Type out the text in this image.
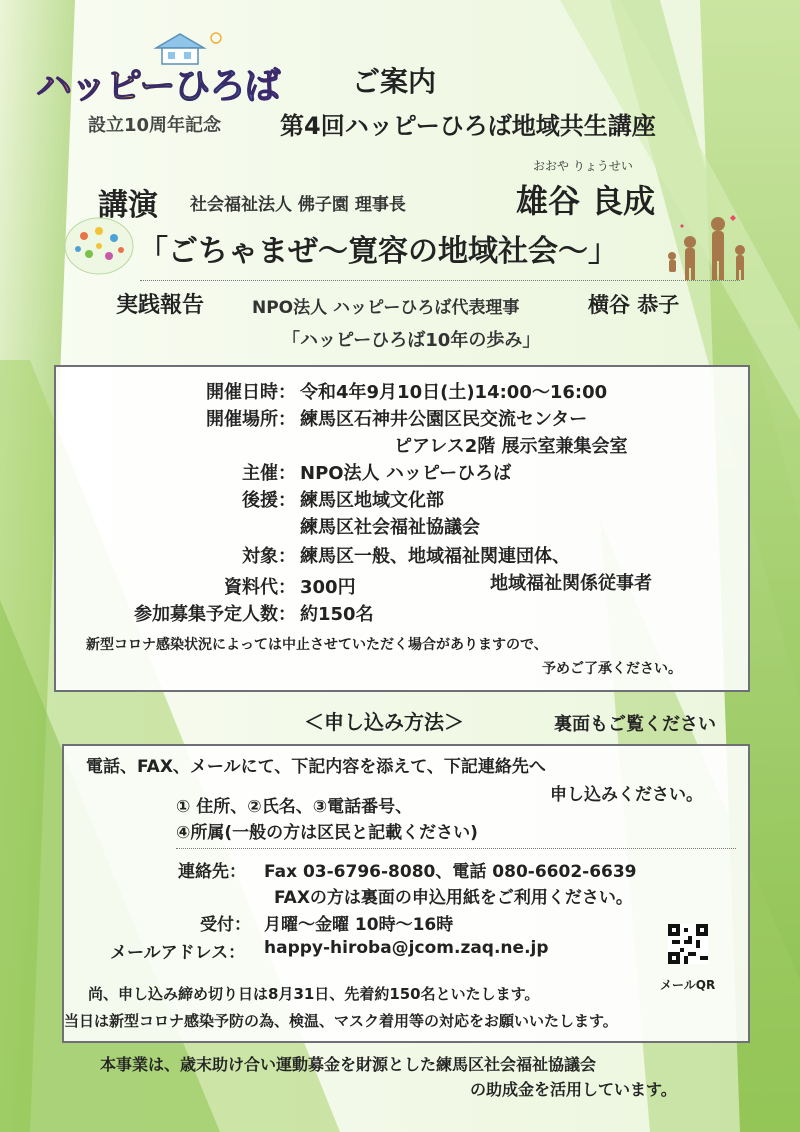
ハッピーひろば	ご案内
設立10周年記念 第4回ハッピーひろば地域共生講座
講演 社会福祉法人 佛子園 理事長
おおや りょうせい
雄谷 良成
「ごちゃまぜ～寛容の地域社会～」
実践報告	NPO法人 ハッピーひろば代表理事	横谷 恭子
「ハッピーひろば10年の歩み」
開催日時： 令和4年9月10日(土)14:00～16:00
開催場所： 練馬区石神井公園区民交流センター
ピアレス2階 展示室兼集会室
主催： NPO法人 ハッピーひろば
後援： 練馬区地域文化部
練馬区社会福祉協議会
対象： 練馬区一般、地域福祉関連団体、
地域福祉関係従事者
資料代： 300円
参加募集予定人数： 約150名
新型コロナ感染状況によっては中止させていただく場合がありますので、
予めご了承ください。
＜申し込み方法＞	裏面もご覧ください
電話、FAX、メールにて、下記内容を添えて、下記連絡先へ
申し込みください。
① 住所、②氏名、③電話番号、
④所属(一般の方は区民と記載ください)
連絡先： Fax 03-6796-8080、電話 080-6602-6639
FAXの方は裏面の申込用紙をご利用ください。
受付： 月曜～金曜 10時～16時
メールアドレス： happy-hiroba@jcom.zaq.ne.jp
メールQR
尚、申し込み締め切り日は8月31日、先着約150名といたします。
当日は新型コロナ感染予防の為、検温、マスク着用等の対応をお願いいたします。
本事業は、歳末助け合い運動募金を財源とした練馬区社会福祉協議会
の助成金を活用しています。
